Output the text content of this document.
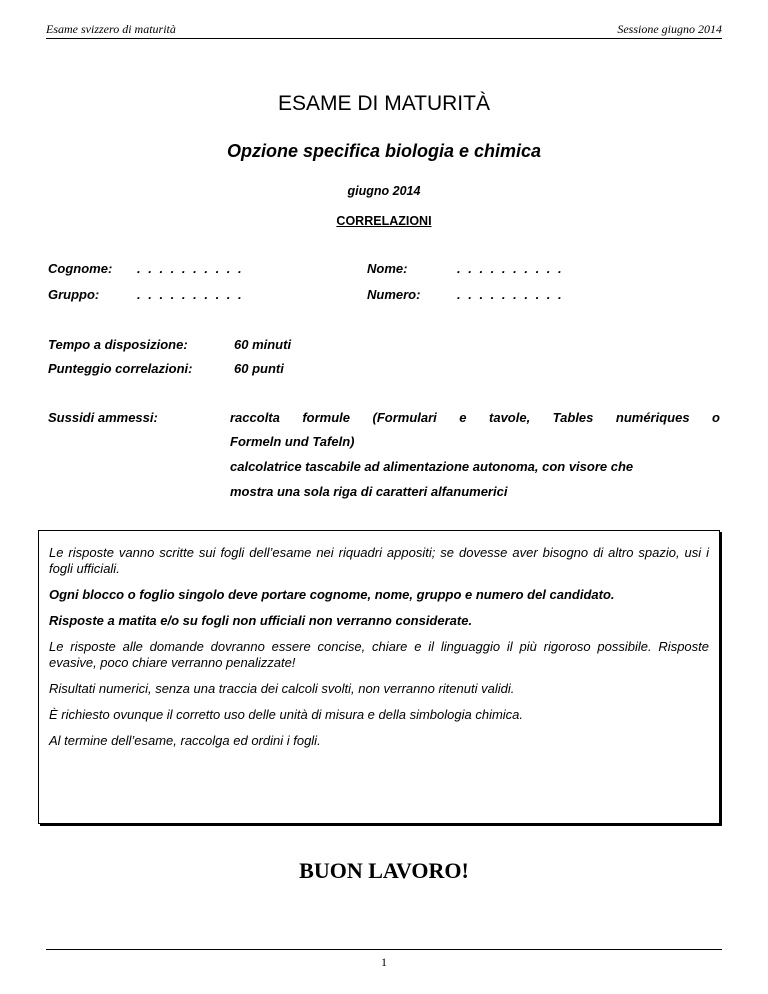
Esame svizzero di maturità	Sessione giugno 2014
ESAME DI MATURITÀ
Opzione specifica biologia e chimica
giugno 2014
CORRELAZIONI
Cognome: . . . . . . . . . .	Nome:	. . . . . . . . . .
Gruppo:	. . . . . . . . . .	Numero:	. . . . . . . . . .
Tempo a disposizione:	60 minuti
Punteggio correlazioni:	60 punti
Sussidi ammessi:	raccolta formule (Formulari e tavole, Tables numériques o
Formeln und Tafeln)
calcolatrice tascabile ad alimentazione autonoma, con visore che
mostra una sola riga di caratteri alfanumerici

Le risposte vanno scritte sui fogli dell’esame nei riquadri appositi; se dovesse aver bisogno di altro spazio, usi i fogli ufficiali.

Ogni blocco o foglio singolo deve portare cognome, nome, gruppo e numero del candidato.

Risposte a matita e/o su fogli non ufficiali non verranno considerate.

Le risposte alle domande dovranno essere concise, chiare e il linguaggio il più rigoroso possibile. Risposte evasive, poco chiare verranno penalizzate!

Risultati numerici, senza una traccia dei calcoli svolti, non verranno ritenuti validi.

È richiesto ovunque il corretto uso delle unità di misura e della simbologia chimica.

Al termine dell’esame, raccolga ed ordini i fogli.

BUON LAVORO!
1
